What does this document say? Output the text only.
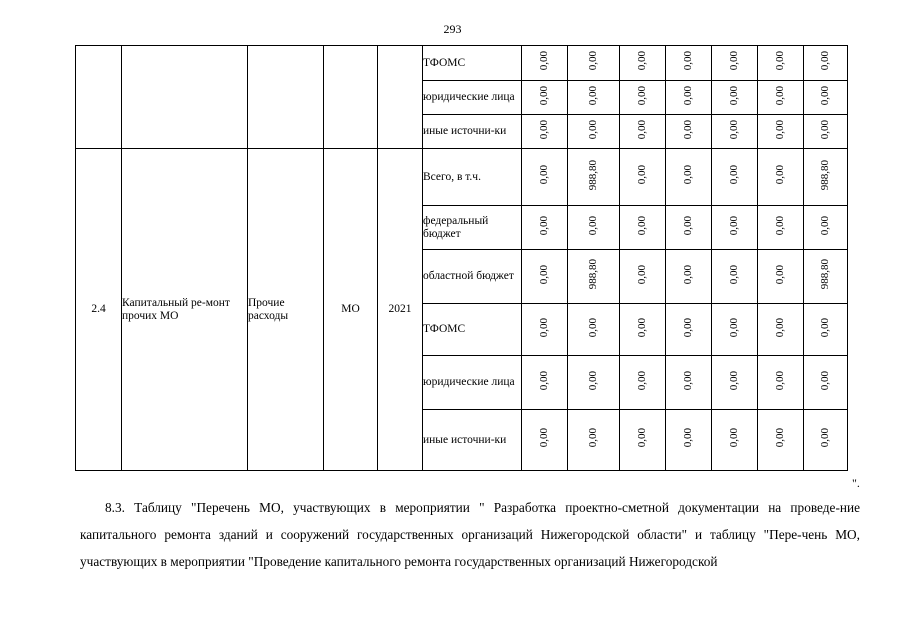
293
					ТФОМС	0,00	0,00	0,00	0,00	0,00	0,00	0,00
					юридические лица	0,00	0,00	0,00	0,00	0,00	0,00	0,00
					иные источни-ки	0,00	0,00	0,00	0,00	0,00	0,00	0,00
2.4	Капитальный ре-монт прочих МО	Прочие расходы	МО	2021	Всего, в т.ч.	0,00	988,80	0,00	0,00	0,00	0,00	988,80
					федеральный бюджет	0,00	0,00	0,00	0,00	0,00	0,00	0,00
					областной бюджет	0,00	988,80	0,00	0,00	0,00	0,00	988,80
					ТФОМС	0,00	0,00	0,00	0,00	0,00	0,00	0,00
					юридические лица	0,00	0,00	0,00	0,00	0,00	0,00	0,00
					иные источни-ки	0,00	0,00	0,00	0,00	0,00	0,00	0,00
".

8.3. Таблицу "Перечень МО, участвующих в мероприятии " Разработка проектно-сметной документации на проведе-ние капитального ремонта зданий и сооружений государственных организаций Нижегородской области" и таблицу "Пере-чень МО, участвующих в мероприятии "Проведение капитального ремонта государственных организаций Нижегородской
